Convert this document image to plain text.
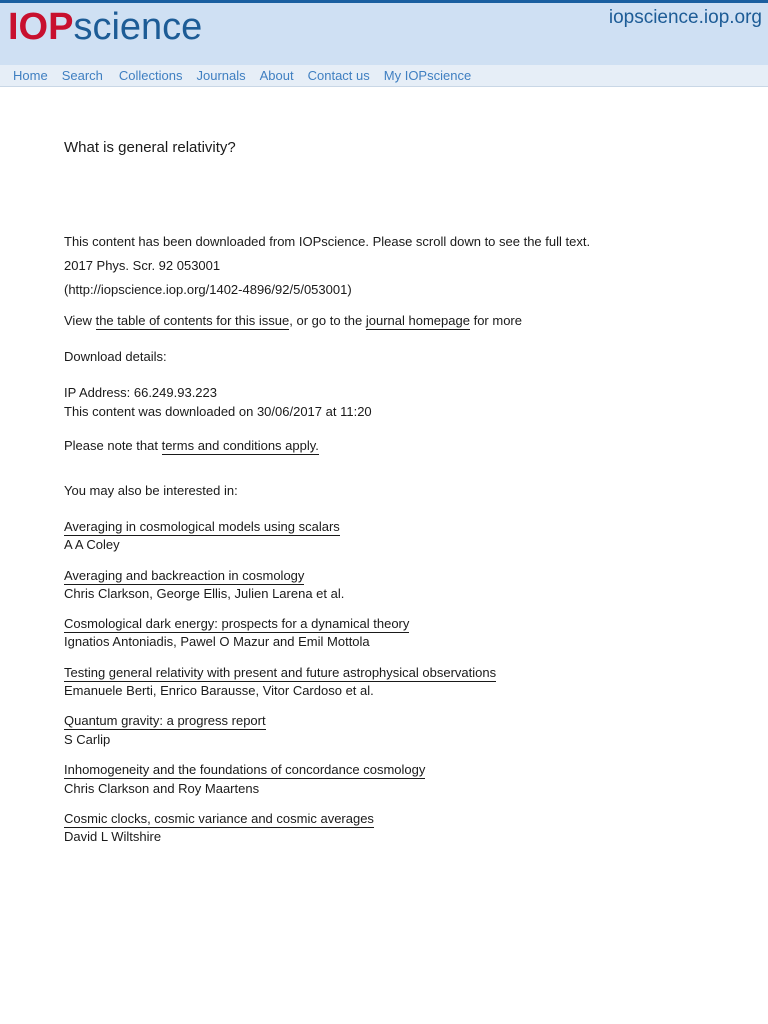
IOPscience	iopscience.iop.org
Home Search Collections Journals About Contact us My IOPscience
What is general relativity?
This content has been downloaded from IOPscience. Please scroll down to see the full text.
2017 Phys. Scr. 92 053001
(http://iopscience.iop.org/1402-4896/92/5/053001)
View the table of contents for this issue, or go to the journal homepage for more
Download details:
IP Address: 66.249.93.223
This content was downloaded on 30/06/2017 at 11:20
Please note that terms and conditions apply.
You may also be interested in:
Averaging in cosmological models using scalars
A A Coley
Averaging and backreaction in cosmology
Chris Clarkson, George Ellis, Julien Larena et al.
Cosmological dark energy: prospects for a dynamical theory
Ignatios Antoniadis, Pawel O Mazur and Emil Mottola
Testing general relativity with present and future astrophysical observations
Emanuele Berti, Enrico Barausse, Vitor Cardoso et al.
Quantum gravity: a progress report
S Carlip
Inhomogeneity and the foundations of concordance cosmology
Chris Clarkson and Roy Maartens
Cosmic clocks, cosmic variance and cosmic averages
David L Wiltshire
